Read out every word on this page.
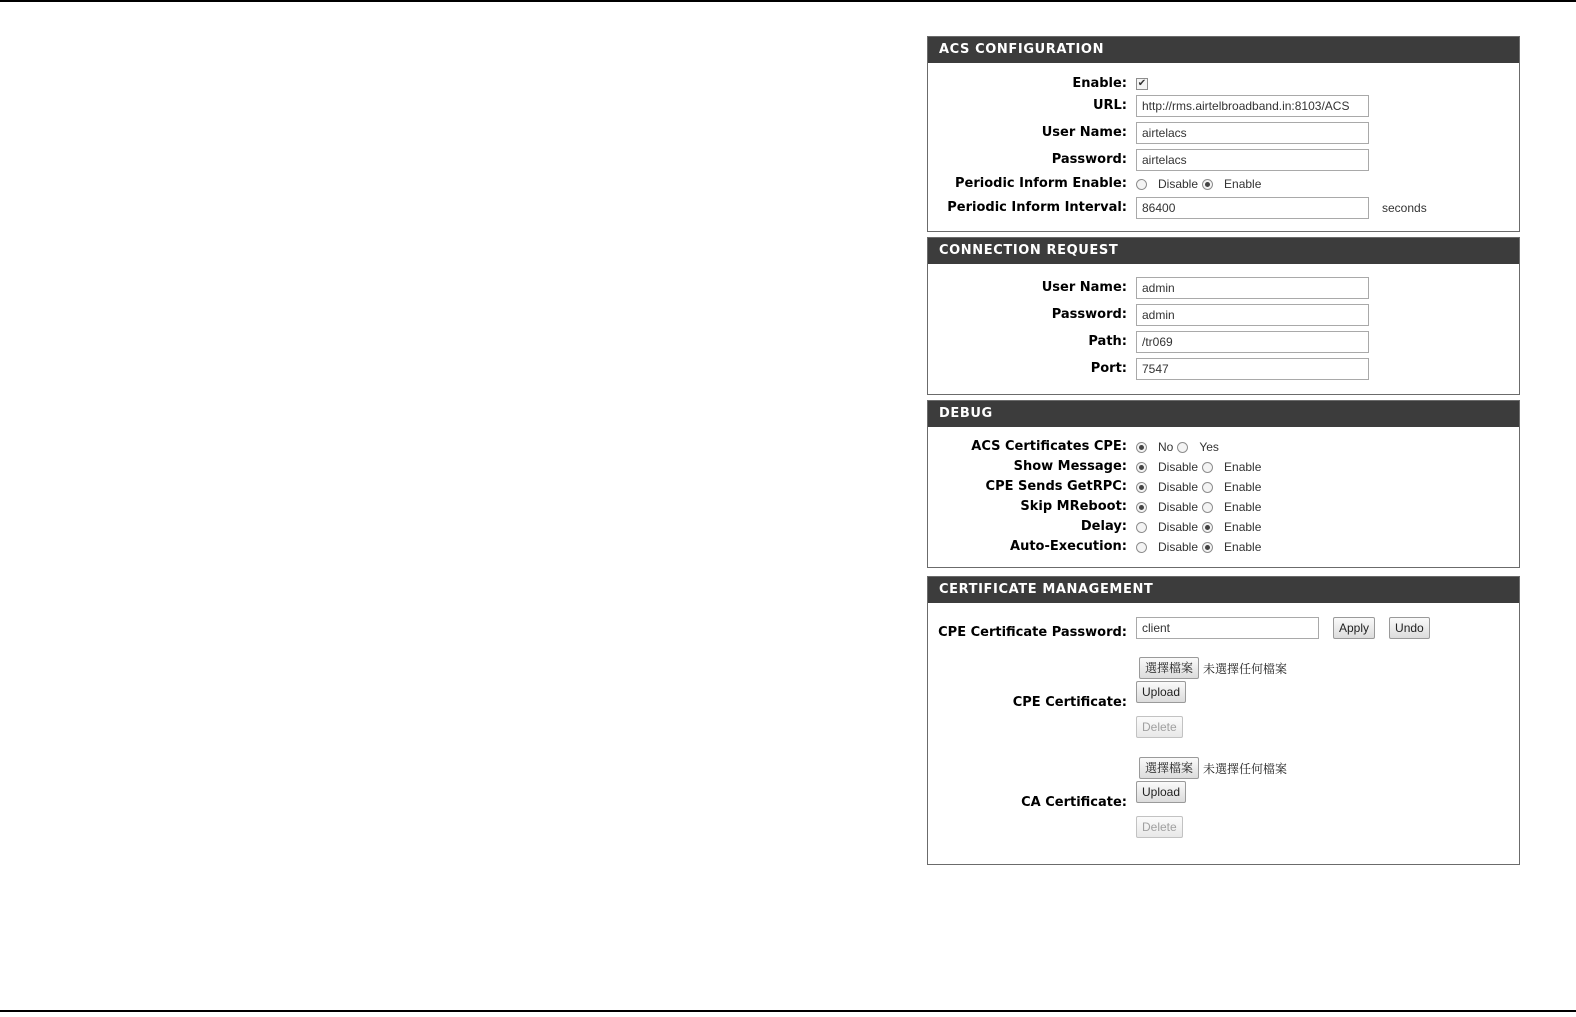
ACS CONFIGURATION
Enable: ✔
URL:	http://rms.airtelbroadband.in:8103/ACS
User Name:	airtelacs
Password:	airtelacs
Periodic Inform Enable:	Disable Enable
Periodic Inform Interval:	86400	seconds
CONNECTION REQUEST
User Name:	admin
Password:	admin
Path:	/tr069
Port:	7547
DEBUG
ACS Certificates CPE:	No Yes
Show Message:	Disable Enable
CPE Sends GetRPC:	Disable Enable
Skip MReboot:	Disable Enable
Delay:	Disable Enable
Auto-Execution:	Disable Enable
CERTIFICATE MANAGEMENT
CPE Certificate Password:	client	Apply	Undo
CPE Certificate:
選擇檔案 未選擇任何檔案
Upload
Delete
CA Certificate:
選擇檔案 未選擇任何檔案
Upload
Delete
